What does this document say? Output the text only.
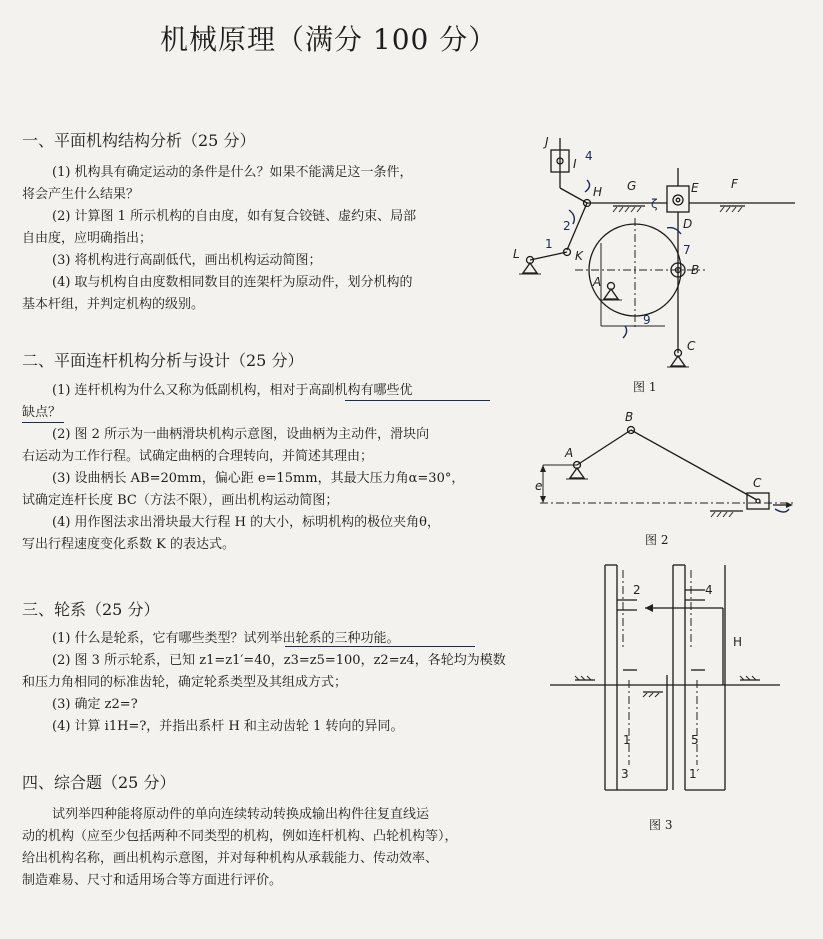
机械原理（满分 100 分）
一、平面机构结构分析（25 分）
(1) 机构具有确定运动的条件是什么？如果不能满足这一条件，
将会产生什么结果？
(2) 计算图 1 所示机构的自由度，如有复合铰链、虚约束、局部
自由度，应明确指出；
(3) 将机构进行高副低代，画出机构运动简图；
(4) 取与机构自由度数相同数目的连架杆为原动件，划分机构的
基本杆组，并判定机构的级别。
二、平面连杆机构分析与设计（25 分）
(1) 连杆机构为什么又称为低副机构，相对于高副机构有哪些优
缺点？
(2) 图 2 所示为一曲柄滑块机构示意图，设曲柄为主动件，滑块向
右运动为工作行程。试确定曲柄的合理转向，并简述其理由；
(3) 设曲柄长 AB=20mm，偏心距 e=15mm，其最大压力角α=30°，
试确定连杆长度 BC（方法不限），画出机构运动简图；
(4) 用作图法求出滑块最大行程 H 的大小，标明机构的极位夹角θ，
写出行程速度变化系数 K 的表达式。
三、轮系（25 分）
(1) 什么是轮系，它有哪些类型？试列举出轮系的三种功能。
(2) 图 3 所示轮系，已知 z1=z1′=40，z3=z5=100，z2=z4，各轮均为模数
和压力角相同的标准齿轮，确定轮系类型及其组成方式；
(3) 确定 z2=?
(4) 计算 i1H=?，并指出系杆 H 和主动齿轮 1 转向的异同。
四、综合题（25 分）
试列举四种能将原动件的单向连续转动转换成输出构件往复直线运
动的机构（应至少包括两种不同类型的机构，例如连杆机构、凸轮机构等），
给出机构名称，画出机构示意图，并对每种机构从承载能力、传动效率、
制造难易、尺寸和适用场合等方面进行评价。
J
I
H G	E	F
D
L	K
A
B
C
4
7
9
2
1
ζ
图 1
A
B
C
e
图 2
2	4
H
1	5
3	1′
图 3
